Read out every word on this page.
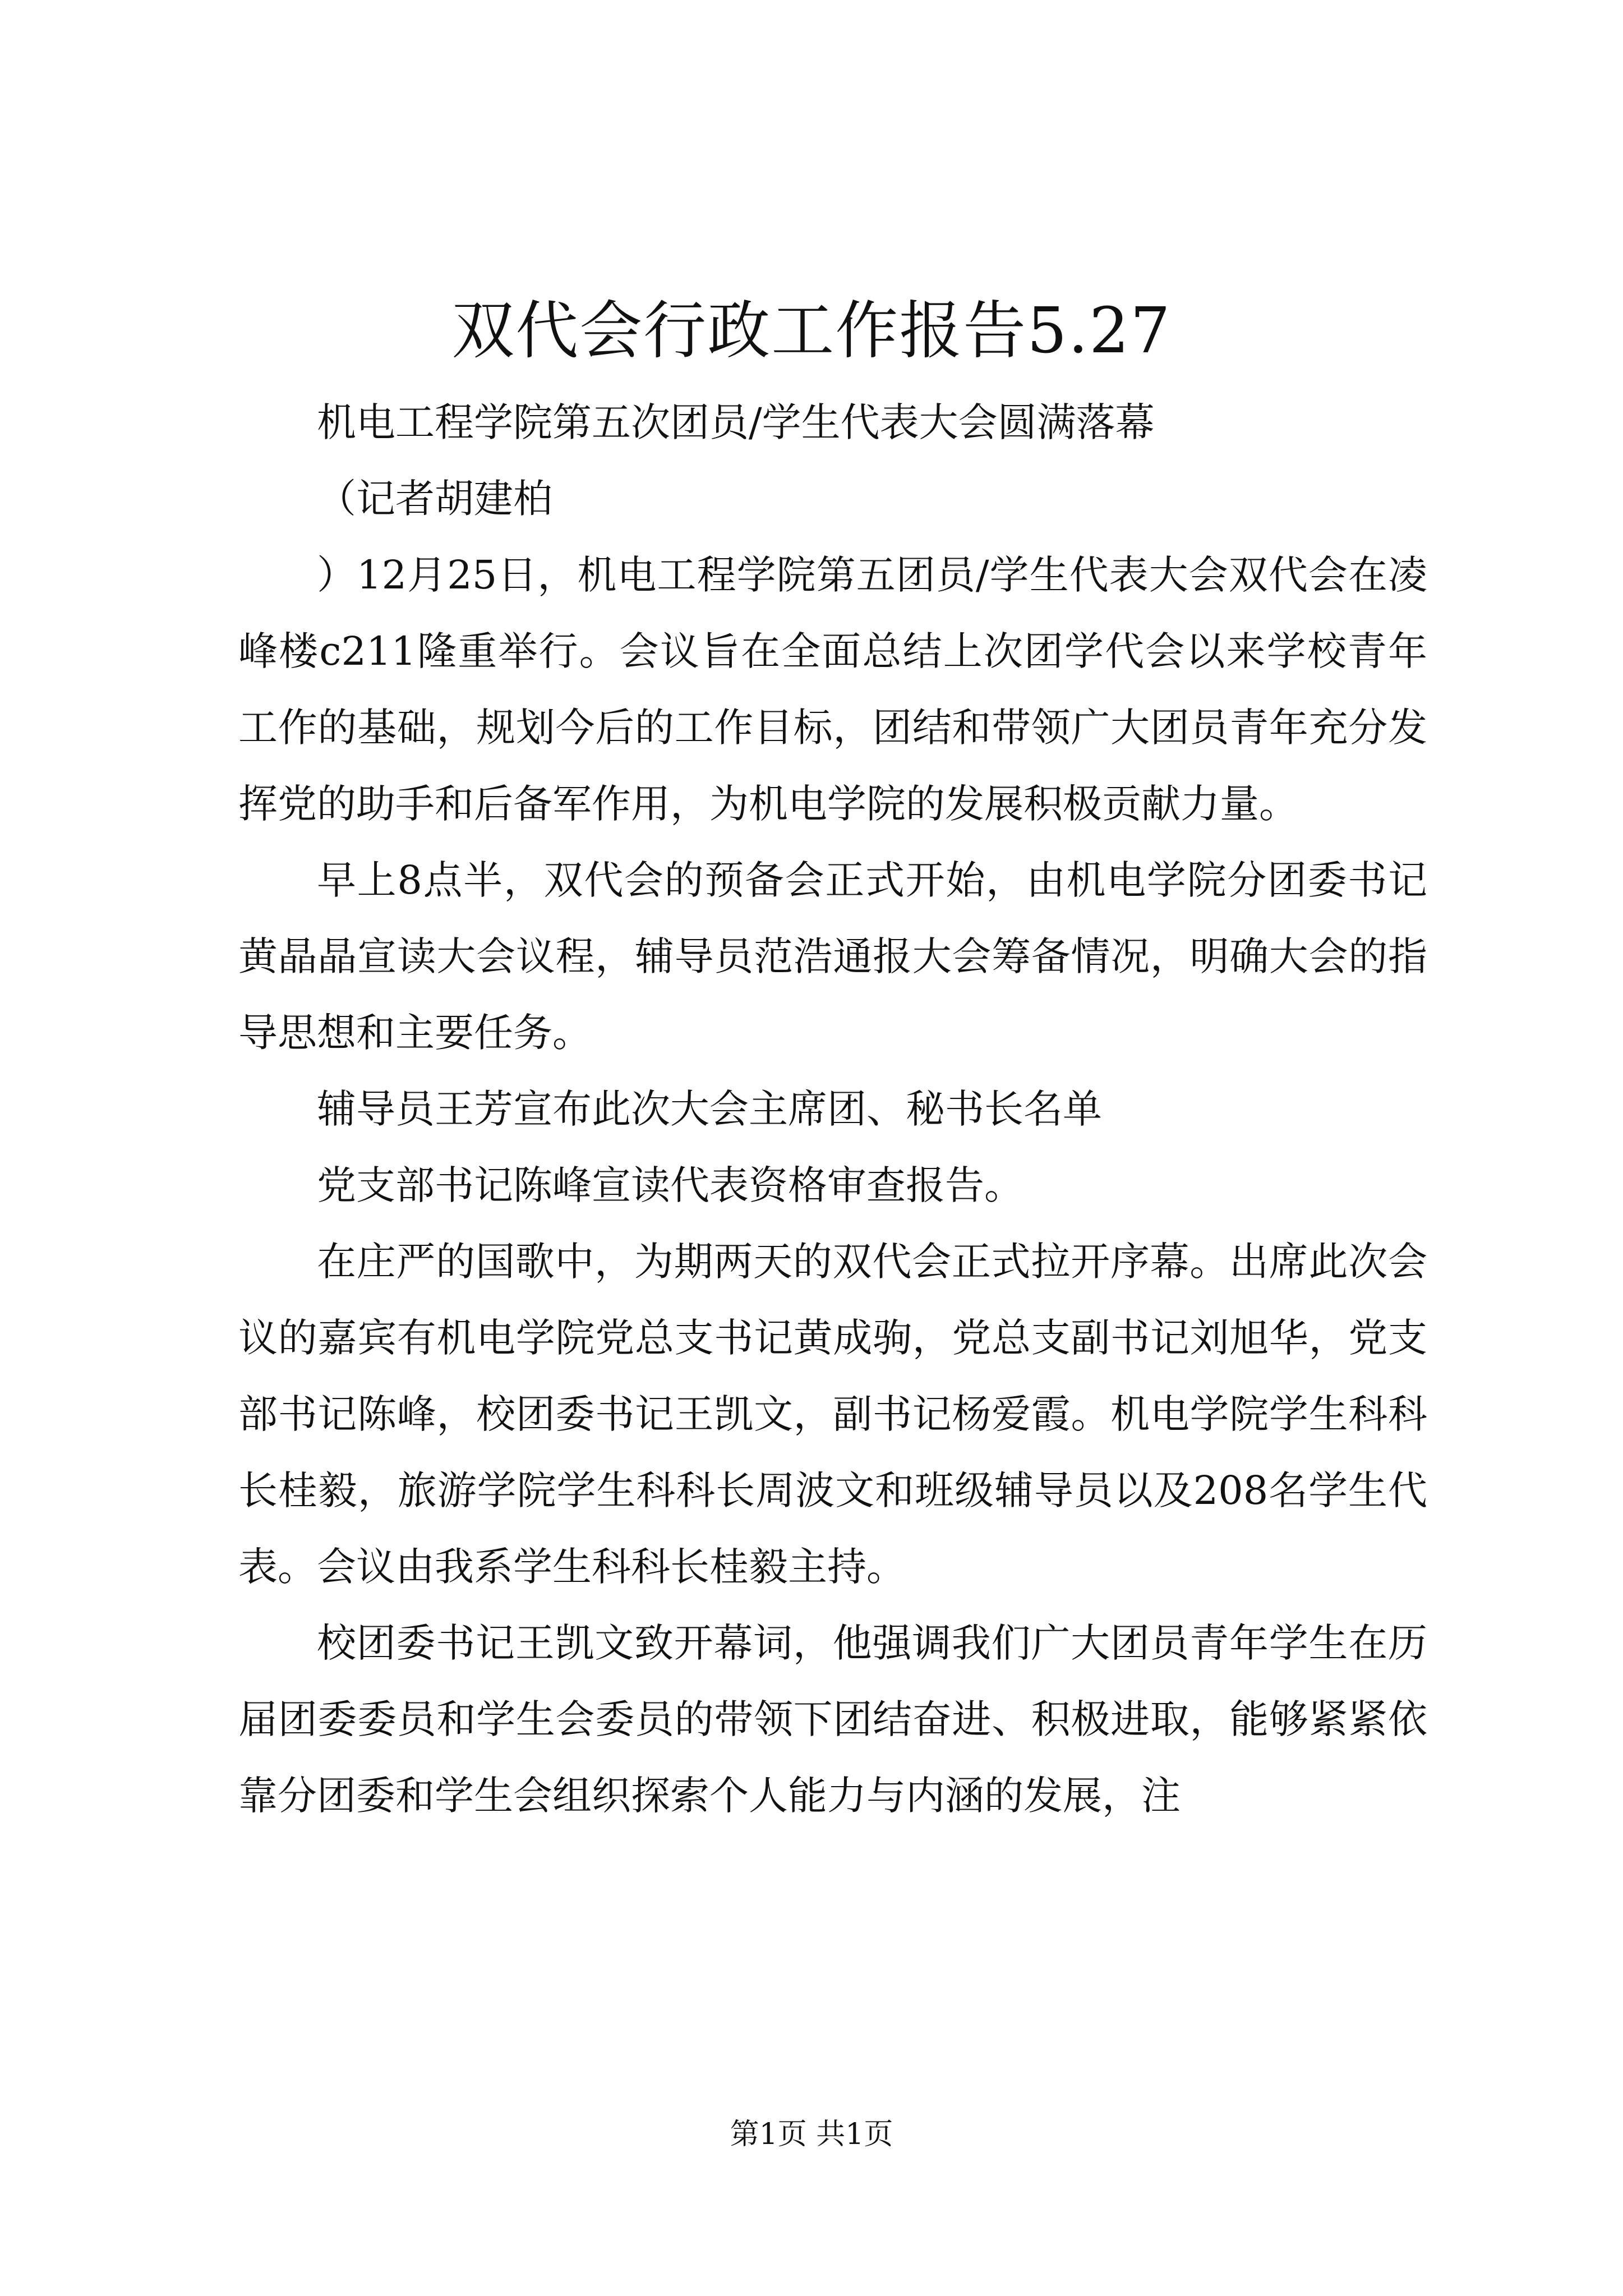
双代会行政工作报告5.27

机电工程学院第五次团员/学生代表大会圆满落幕

（记者胡建柏

）12月25日，机电工程学院第五团员/学生代表大会双代会在凌峰楼c211隆重举行。会议旨在全面总结上次团学代会以来学校青年工作的基础，规划今后的工作目标，团结和带领广大团员青年充分发挥党的助手和后备军作用，为机电学院的发展积极贡献力量。

早上8点半，双代会的预备会正式开始，由机电学院分团委书记黄晶晶宣读大会议程，辅导员范浩通报大会筹备情况，明确大会的指导思想和主要任务。

辅导员王芳宣布此次大会主席团、秘书长名单

党支部书记陈峰宣读代表资格审查报告。

在庄严的国歌中，为期两天的双代会正式拉开序幕。出席此次会议的嘉宾有机电学院党总支书记黄成驹，党总支副书记刘旭华，党支部书记陈峰，校团委书记王凯文，副书记杨爱霞。机电学院学生科科长桂毅，旅游学院学生科科长周波文和班级辅导员以及208名学生代表。会议由我系学生科科长桂毅主持。

校团委书记王凯文致开幕词，他强调我们广大团员青年学生在历届团委委员和学生会委员的带领下团结奋进、积极进取，能够紧紧依靠分团委和学生会组织探索个人能力与内涵的发展，注

第1页 共1页
